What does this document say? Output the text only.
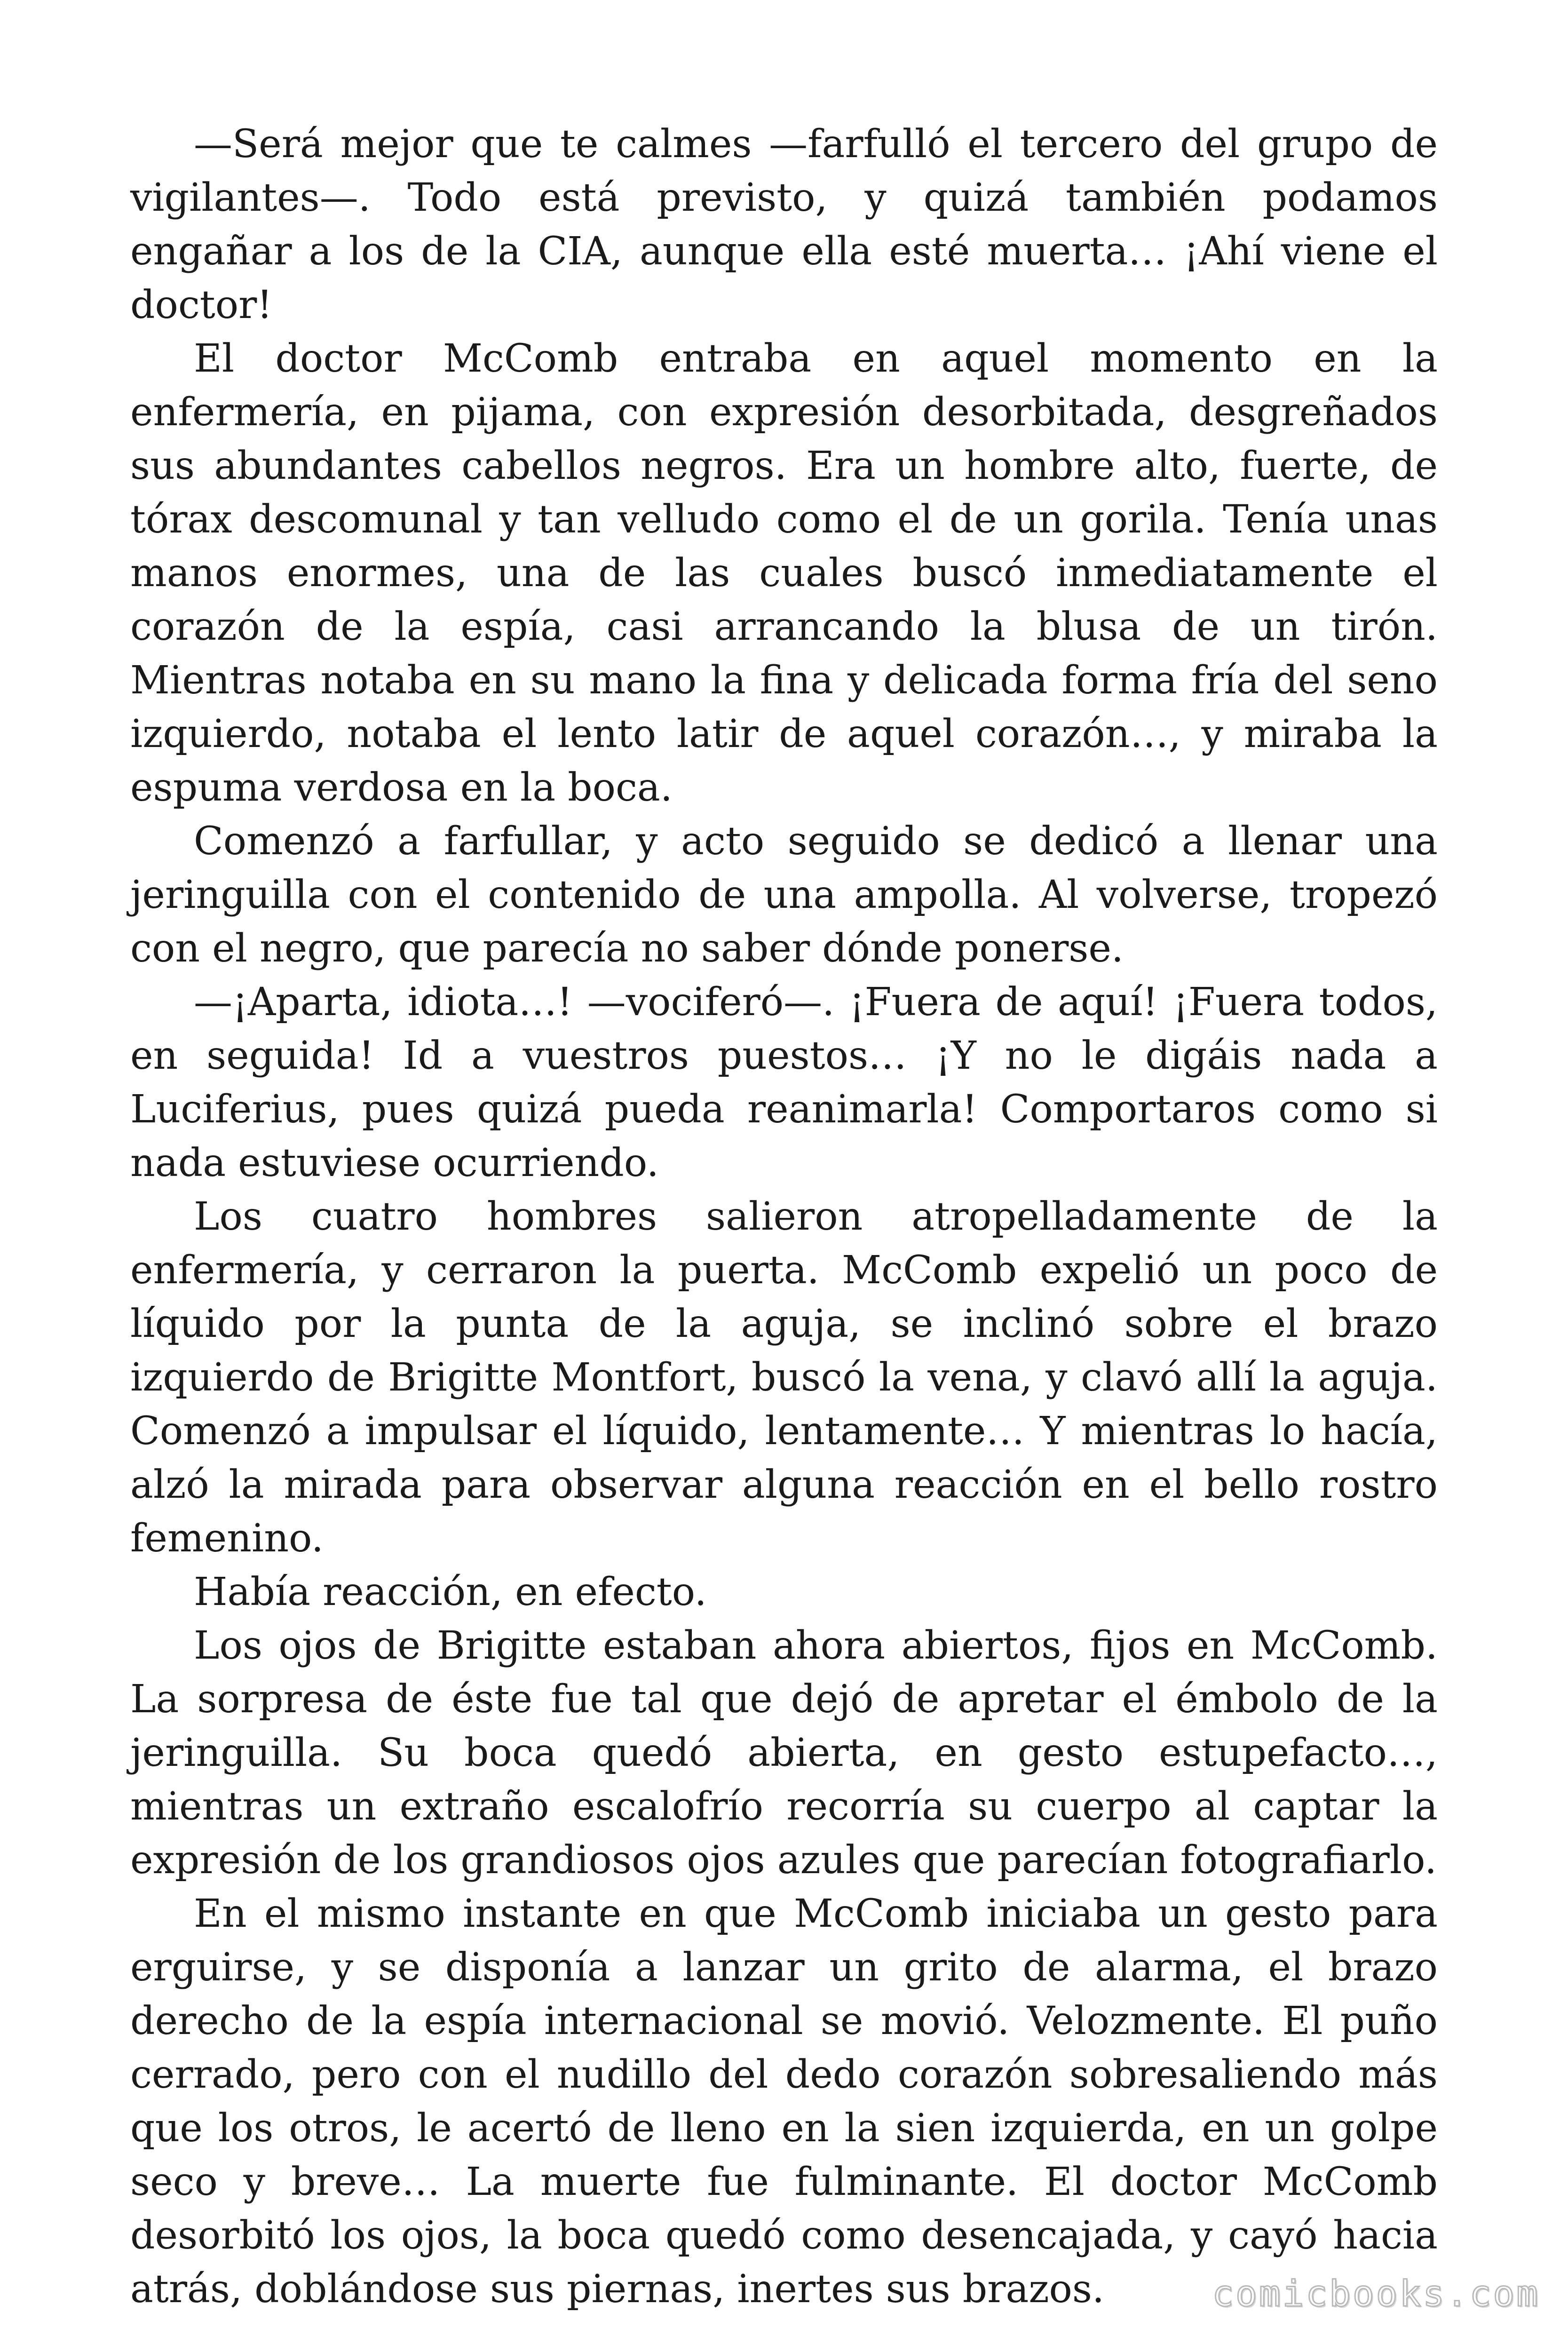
—Será mejor que te calmes —farfulló el tercero del grupo de vigilantes—. Todo está previsto, y quizá también podamos engañar a los de la CIA, aunque ella esté muerta… ¡Ahí viene el doctor!

El doctor McComb entraba en aquel momento en la enfermería, en pijama, con expresión desorbitada, desgreñados sus abundantes cabellos negros. Era un hombre alto, fuerte, de tórax descomunal y tan velludo como el de un gorila. Tenía unas manos enormes, una de las cuales buscó inmediatamente el corazón de la espía, casi arrancando la blusa de un tirón. Mientras notaba en su mano la fina y delicada forma fría del seno izquierdo, notaba el lento latir de aquel corazón…, y miraba la espuma verdosa en la boca.

Comenzó a farfullar, y acto seguido se dedicó a llenar una jeringuilla con el contenido de una ampolla. Al volverse, tropezó con el negro, que parecía no saber dónde ponerse.

—¡Aparta, idiota…! —vociferó—. ¡Fuera de aquí! ¡Fuera todos, en seguida! Id a vuestros puestos… ¡Y no le digáis nada a Luciferius, pues quizá pueda reanimarla! Comportaros como si nada estuviese ocurriendo.

Los cuatro hombres salieron atropelladamente de la enfermería, y cerraron la puerta. McComb expelió un poco de líquido por la punta de la aguja, se inclinó sobre el brazo izquierdo de Brigitte Montfort, buscó la vena, y clavó allí la aguja. Comenzó a impulsar el líquido, lentamente… Y mientras lo hacía, alzó la mirada para observar alguna reacción en el bello rostro femenino.

Había reacción, en efecto.

Los ojos de Brigitte estaban ahora abiertos, fijos en McComb. La sorpresa de éste fue tal que dejó de apretar el émbolo de la jeringuilla. Su boca quedó abierta, en gesto estupefacto…, mientras un extraño escalofrío recorría su cuerpo al captar la expresión de los grandiosos ojos azules que parecían fotografiarlo.

En el mismo instante en que McComb iniciaba un gesto para erguirse, y se disponía a lanzar un grito de alarma, el brazo derecho de la espía internacional se movió. Velozmente. El puño cerrado, pero con el nudillo del dedo corazón sobresaliendo más que los otros, le acertó de lleno en la sien izquierda, en un golpe seco y breve… La muerte fue fulminante. El doctor McComb desorbitó los ojos, la boca quedó como desencajada, y cayó hacia atrás, doblándose sus piernas, inertes sus brazos.	comicbooks.com
